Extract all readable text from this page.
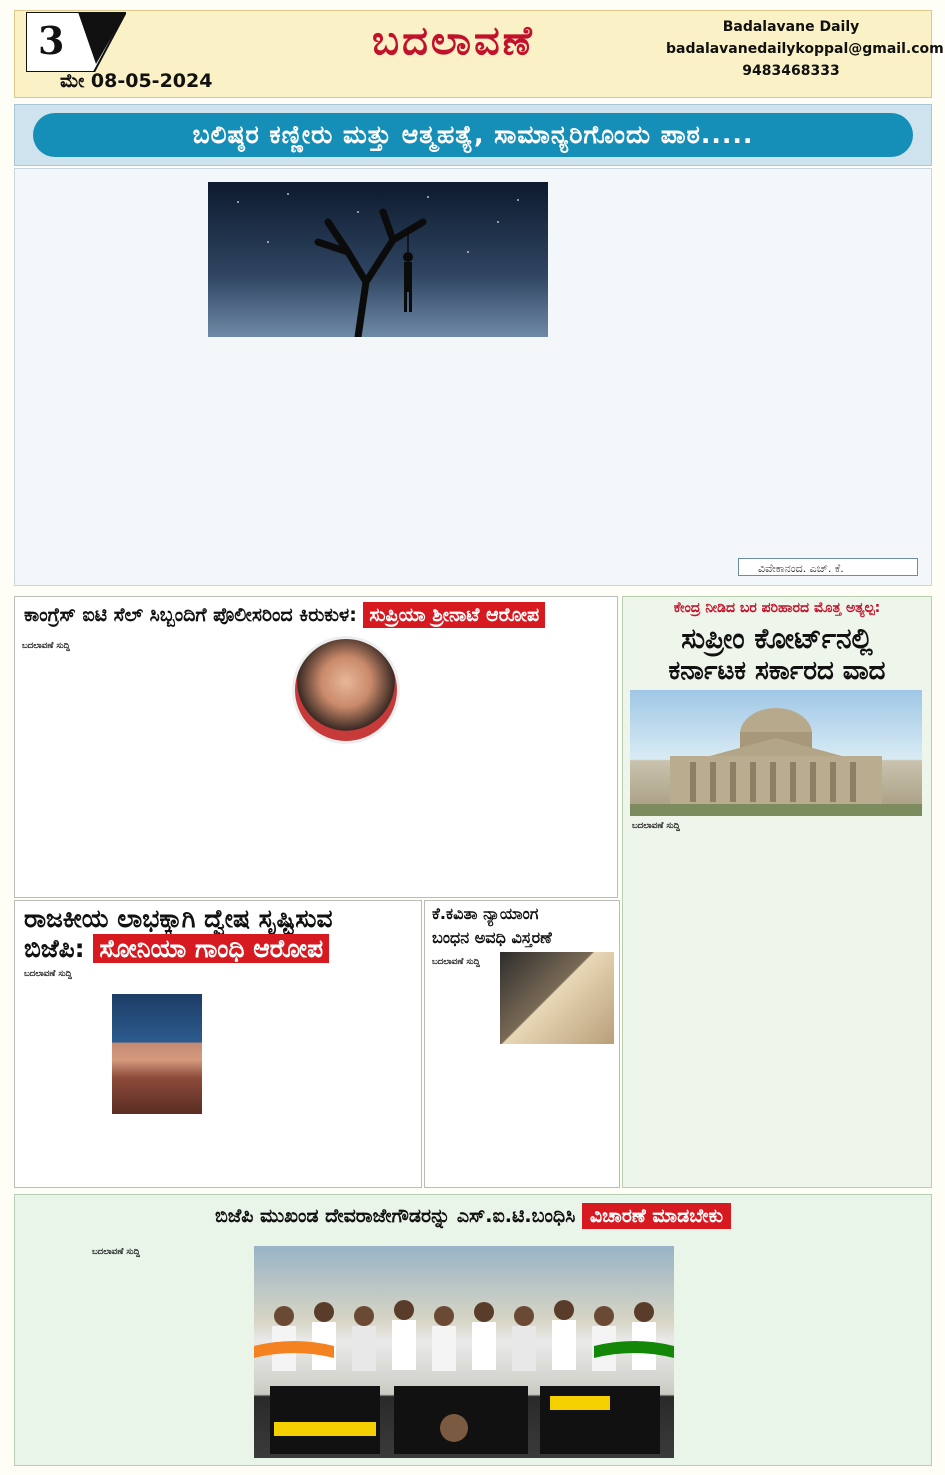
3	ಬದಲಾವಣೆ
ಮೇ 08-05-2024
Badalavane Daily
badalavanedailykoppal@gmail.com
9483468333
ಬಲಿಷ್ಠರ ಕಣ್ಣೀರು ಮತ್ತು ಆತ್ಮಹತ್ಯೆ, ಸಾಮಾನ್ಯರಿಗೊಂದು ಪಾಠ.....
ವಿವೇಕಾನಂದ. ಎಚ್. ಕೆ.
ಕಾಂಗ್ರೆಸ್ ಐಟಿ ಸೆಲ್ ಸಿಬ್ಬಂದಿಗೆ ಪೊಲೀಸರಿಂದ ಕಿರುಕುಳ: ಸುಪ್ರಿಯಾ ಶ್ರೀನಾಟೆ ಆರೋಪ
ಬದಲಾವಣೆ ಸುದ್ದಿ
ಕೇಂದ್ರ ನೀಡಿದ ಬರ ಪರಿಹಾರದ ಮೊತ್ತ ಅತ್ಯಲ್ಪ:
ಸುಪ್ರೀಂ ಕೋರ್ಟ್‌ನಲ್ಲಿ
ಕರ್ನಾಟಕ ಸರ್ಕಾರದ ವಾದ
ಬದಲಾವಣೆ ಸುದ್ದಿ
ರಾಜಕೀಯ ಲಾಭಕ್ಕಾಗಿ ದ್ವೇಷ ಸೃಷ್ಟಿಸುವ
ಬಿಜೆಪಿ: ಸೋನಿಯಾ ಗಾಂಧಿ ಆರೋಪ
ಬದಲಾವಣೆ ಸುದ್ದಿ
ಕೆ.ಕವಿತಾ ನ್ಯಾಯಾಂಗ
ಬಂಧನ ಅವಧಿ ವಿಸ್ತರಣೆ
ಬದಲಾವಣೆ ಸುದ್ದಿ
ಬಿಜೆಪಿ ಮುಖಂಡ ದೇವರಾಜೇಗೌಡರನ್ನು ಎಸ್.ಐ.ಟಿ.ಬಂಧಿಸಿ ವಿಚಾರಣೆ ಮಾಡಬೇಕು
ಬದಲಾವಣೆ ಸುದ್ದಿ
